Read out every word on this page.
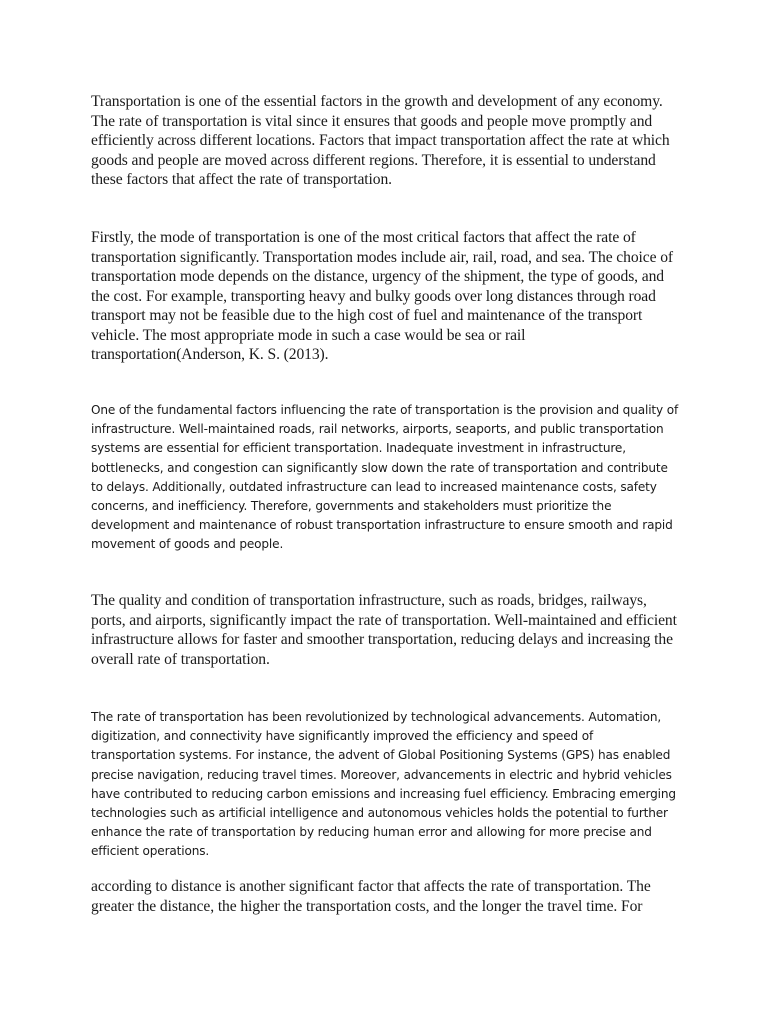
Transportation is one of the essential factors in the growth and development of any economy. The rate of transportation is vital since it ensures that goods and people move promptly and efficiently across different locations. Factors that impact transportation affect the rate at which goods and people are moved across different regions. Therefore, it is essential to understand these factors that affect the rate of transportation.

Firstly, the mode of transportation is one of the most critical factors that affect the rate of transportation significantly. Transportation modes include air, rail, road, and sea. The choice of transportation mode depends on the distance, urgency of the shipment, the type of goods, and the cost. For example, transporting heavy and bulky goods over long distances through road transport may not be feasible due to the high cost of fuel and maintenance of the transport vehicle. The most appropriate mode in such a case would be sea or rail transportation(Anderson, K. S. (2013).

One of the fundamental factors influencing the rate of transportation is the provision and quality of infrastructure. Well-maintained roads, rail networks, airports, seaports, and public transportation systems are essential for efficient transportation. Inadequate investment in infrastructure, bottlenecks, and congestion can significantly slow down the rate of transportation and contribute to delays. Additionally, outdated infrastructure can lead to increased maintenance costs, safety concerns, and inefficiency. Therefore, governments and stakeholders must prioritize the development and maintenance of robust transportation infrastructure to ensure smooth and rapid movement of goods and people.

The quality and condition of transportation infrastructure, such as roads, bridges, railways, ports, and airports, significantly impact the rate of transportation. Well-maintained and efficient infrastructure allows for faster and smoother transportation, reducing delays and increasing the overall rate of transportation.

The rate of transportation has been revolutionized by technological advancements. Automation, digitization, and connectivity have significantly improved the efficiency and speed of transportation systems. For instance, the advent of Global Positioning Systems (GPS) has enabled precise navigation, reducing travel times. Moreover, advancements in electric and hybrid vehicles have contributed to reducing carbon emissions and increasing fuel efficiency. Embracing emerging technologies such as artificial intelligence and autonomous vehicles holds the potential to further enhance the rate of transportation by reducing human error and allowing for more precise and efficient operations.

according to distance is another significant factor that affects the rate of transportation. The greater the distance, the higher the transportation costs, and the longer the travel time. For
